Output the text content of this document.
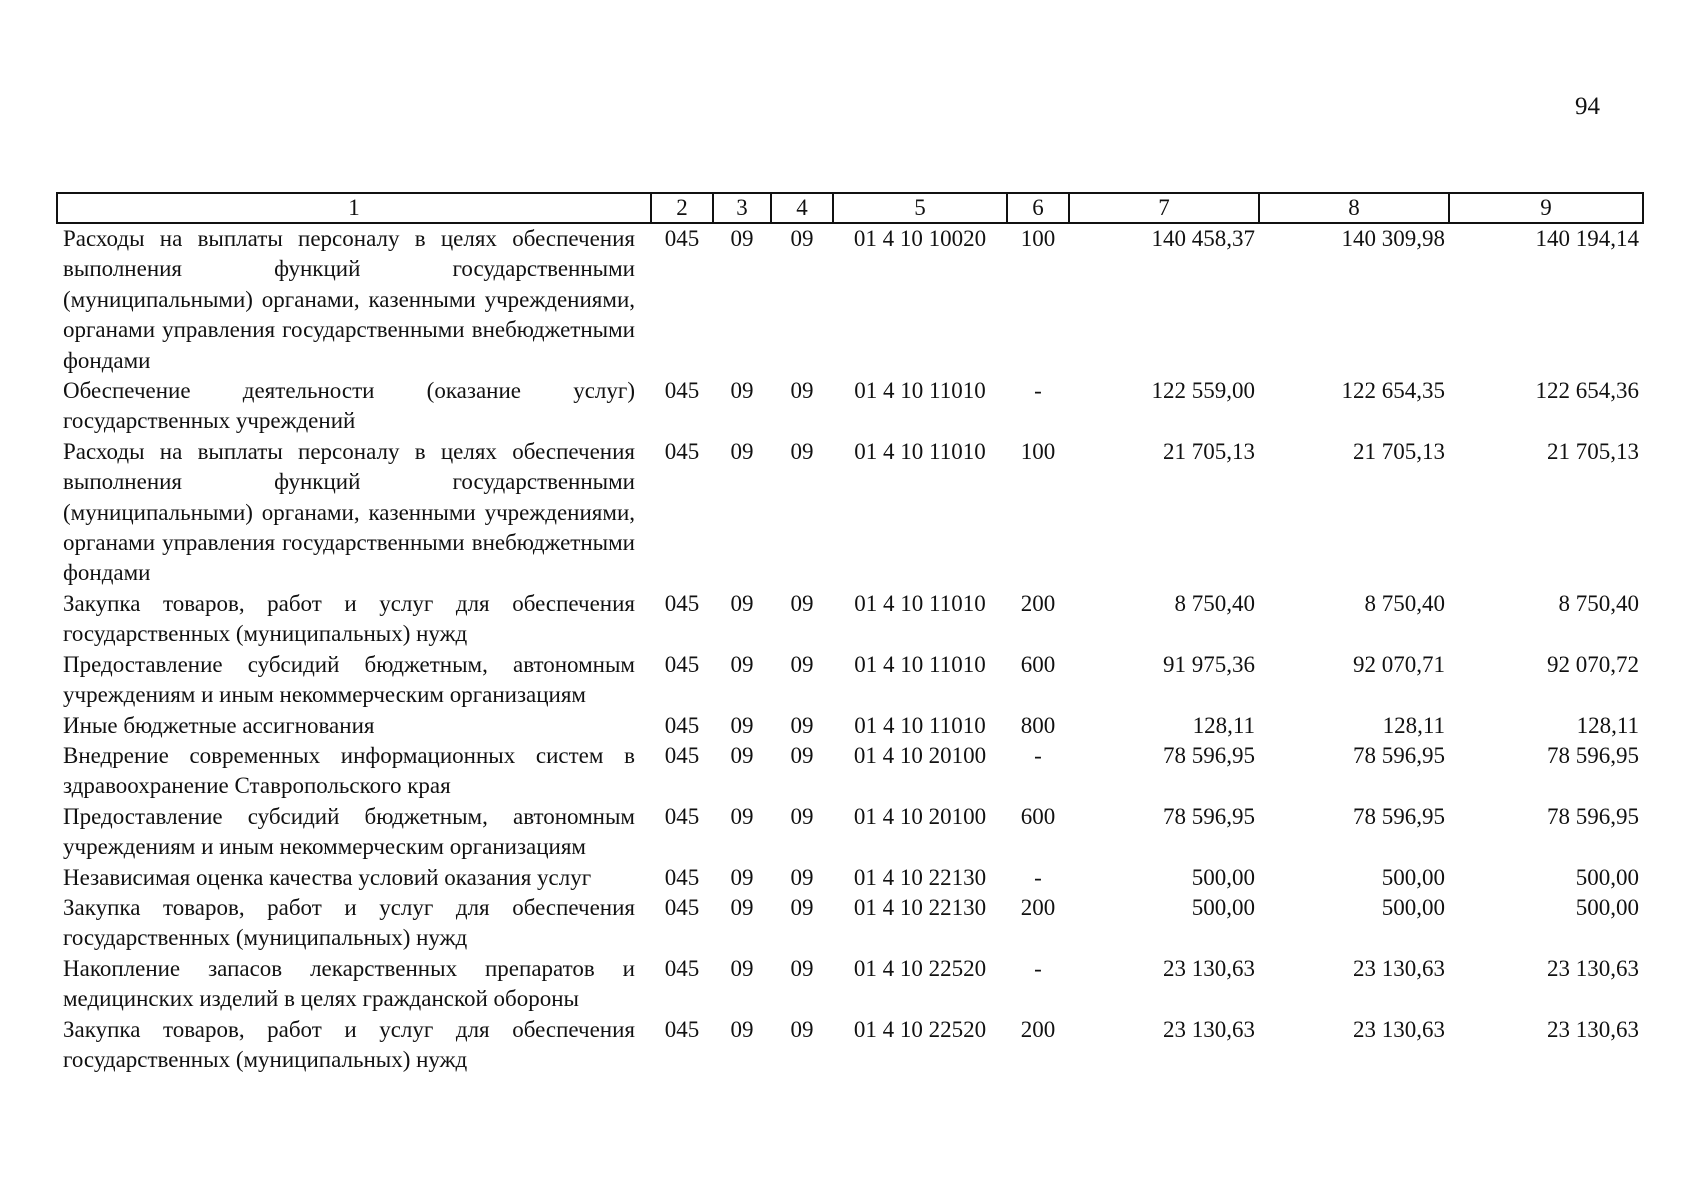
94
1	2	3	4	5	6	7	8	9
Расходы на выплаты персоналу в целях обеспечения выполнения функций государственными (муниципальными) органами, казенными учреждениями, органами управления государственными внебюджетными фондами	045	09	09	01 4 10 10020	100	140 458,37	140 309,98	140 194,14
Обеспечение деятельности (оказание услуг) государственных учреждений	045	09	09	01 4 10 11010	-	122 559,00	122 654,35	122 654,36
Расходы на выплаты персоналу в целях обеспечения выполнения функций государственными (муниципальными) органами, казенными учреждениями, органами управления государственными внебюджетными фондами	045	09	09	01 4 10 11010	100	21 705,13	21 705,13	21 705,13
Закупка товаров, работ и услуг для обеспечения государственных (муниципальных) нужд	045	09	09	01 4 10 11010	200	8 750,40	8 750,40	8 750,40
Предоставление субсидий бюджетным, автономным учреждениям и иным некоммерческим организациям	045	09	09	01 4 10 11010	600	91 975,36	92 070,71	92 070,72
Иные бюджетные ассигнования	045	09	09	01 4 10 11010	800	128,11	128,11	128,11
Внедрение современных информационных систем в здравоохранение Ставропольского края	045	09	09	01 4 10 20100	-	78 596,95	78 596,95	78 596,95
Предоставление субсидий бюджетным, автономным учреждениям и иным некоммерческим организациям	045	09	09	01 4 10 20100	600	78 596,95	78 596,95	78 596,95
Независимая оценка качества условий оказания услуг	045	09	09	01 4 10 22130	-	500,00	500,00	500,00
Закупка товаров, работ и услуг для обеспечения государственных (муниципальных) нужд	045	09	09	01 4 10 22130	200	500,00	500,00	500,00
Накопление запасов лекарственных препаратов и медицинских изделий в целях гражданской обороны	045	09	09	01 4 10 22520	-	23 130,63	23 130,63	23 130,63
Закупка товаров, работ и услуг для обеспечения государственных (муниципальных) нужд	045	09	09	01 4 10 22520	200	23 130,63	23 130,63	23 130,63
